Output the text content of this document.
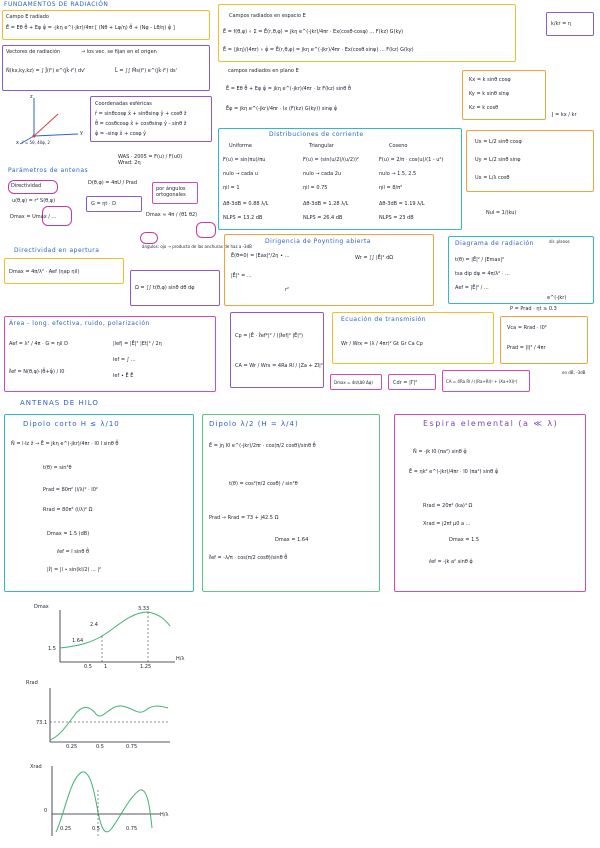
FUNDAMENTOS DE RADIACIÓN
Campo E radiado
Ē = Eθ θ̂ + Eφ φ̂ = -jkη e^(-jkr)/4πr [ (Nθ + Lφ/η) θ̂ + (Nφ - Lθ/η) φ̂ ]
Vectores de radiación	→ los vec. se fijan en el origen
N̄(kx,ky,kz) = ∫ J̄(r̄') e^(jk̂·r̄') dv'	L̄ = ∫∫ M̄s(r̄') e^(jk̂·r̄') ds'
Campos radiados en espacio E
Ē = f(θ,φ) ∘ Σ = Ē(r,θ,φ) = jkη e^(-jkr)/4πr · Ex(cosθ·cosφ) ... F(kz) G(ky)
Ē = (jkη)/(4πr) ∘ φ̂ = Ē(r,θ,φ) = jkη e^(-jkr)/4πr · Ex(cosθ·sinφ) ... F(kz) G(ky)
campos radiados en plano E
Ē = Eθ θ̂ + Eφ φ̂ = jkη e^(-jkr)/4πr · Iz F(kz) sinθ θ̂
Ēφ = jkη e^(-jkr)/4πr · Ix (F(kz) G(ky)) sinφ φ̂
k/kr = η
Kx = k sinθ cosφ
Ky = k sinθ sinφ
Kz = k cosθ
J = kx / kr
z
y
x r̄ = 5θ, 40φ, 2
Coordenadas esféricas
r̂ = sinθcosφ x̂ + sinθsinφ ŷ + cosθ ẑ
θ̂ = cosθcosφ x̂ + cosθsinφ ŷ - sinθ ẑ
φ̂ = -sinφ x̂ + cosφ ŷ
Parámetros de antenas
Directividad
u(θ,φ) = r² S(θ,φ)
Dmax = Umax / ...
D(θ,φ) = 4πU / Prad
G = ηt · D
por ángulos ortogonales
Dmax ≈ 4π / (θ1 θ2)
ángulos: ojo → producto de las anchuras de haz a -3dB
Ω = ∫∫ t(θ,φ) sinθ dθ dφ
Wrad: 2η
Directividad en apertura
Dmax = 4π/λ² · Aef (ηap ηil)
Distribuciones de corriente
Uniforme	Triangular	Coseno
F(u) = sin(πu)/πu	F(u) = (sin(u/2)/(u/2))²	F(u) = 2/π · cos(u)/(1 - u²)
nulo → cada u	nulo → cada 2u	nulo → 1.5, 2.5
ηil = 1	ηil = 0.75	ηil = 8/π²
Δθ-3dB = 0.88 λ/L	Δθ-3dB = 1.28 λ/L	Δθ-3dB = 1.19 λ/L
NLPS = 13.2 dB	NLPS = 26.4 dB	NLPS = 23 dB
WAS · 2005 = F(u) / F(u0)
Ux = L/2 sinθ cosφ
Uy = L/2 sinθ sinφ
Ux = L/λ cosθ
Nul = 1/(ku)
Dirigencia de Poynting abierta
Ē(θ=0) = |Eax|²/2η ∙ ...
|Ē|² = ...
Wr = ∫∫ |Ē|² dΩ
r²
Diagrama de radiación	dir. planos
t(θ) = |Ē|² / |Emax|²
tsa dip dφ = 4π/λ² · ...
Aef = |Ē|² / ...
e^(-jkr)
P = Prad · ηt ≥ 0.3
Área - long. efectiva, ruido, polarización
Aef = λ² / 4π · G = ηil D	|lef| = |Ē|² |Et|² / 2η
ℓ̂ef = N(θ,φ)·(θ̂+φ̂) / I0
lef = ∫ ...
lef ∙ Ē Ē
Cp = |Ē · ℓ̂ef*|² / (|ℓ̂ef|² |Ē|²)
CA = Wr / Wrx = 4Ra Rl / |Za + Zl|²
Ecuación de transmisión
Wr / Wrx = (λ / 4πr)² Gt Gr Ca Cp
Dmax = 4π/(Δθ Δφ)	Cdr = |Γ|²	CA = 4Ra Rl / ((Ra+Rl)² + (Xa+Xl)²)
Vca = Rrad · I0²
Prad = |I|² / 4πr
en dB, -3dB
ANTENAS DE HILO
Dipolo corto H ≤ λ/10
N̄ = l·Iz ẑ → Ē = jkη e^(-jkr)/4πr · I0 l sinθ θ̂
t(θ) = sin²θ
Prad = 80π² (l/λ)² · I0²
Rrad = 80π² (l/λ)² Ω
Dmax = 1.5 (dB)
ℓef = l sinθ θ̂
|ℓ̂| = |l ∙ sin(kl/2) ... |²
Dipolo λ/2 (H = λ/4)
Ē = jη I0 e^(-jkr)/2πr · cos(π/2 cosθ)/sinθ θ̂
t(θ) = cos²(π/2 cosθ) / sin²θ
Prad → Rrad = 73 + j42.5 Ω
Dmax = 1.64
ℓ̂ef = -λ/π · cos(π/2 cosθ)/sinθ θ̂
Espira elemental (a ≪ λ)
N̄ = -jk I0 (πa²) sinθ φ̂
Ē = ηk² e^(-jkr)/4πr · I0 (πa²) sinθ φ̂
Rrad = 20π² (ka)⁴ Ω
Xrad = j2πf μ0 a ...
Dmax = 1.5
ℓef = -jk a² sinθ φ̂
Dmax	3.33
2.4
1.64
1.5
0.5 1	1.25
H/λ
Rrad
73.1
0.25	0.5	0.75
Xrad
0
0.25	0.5	0.75
H/λ
